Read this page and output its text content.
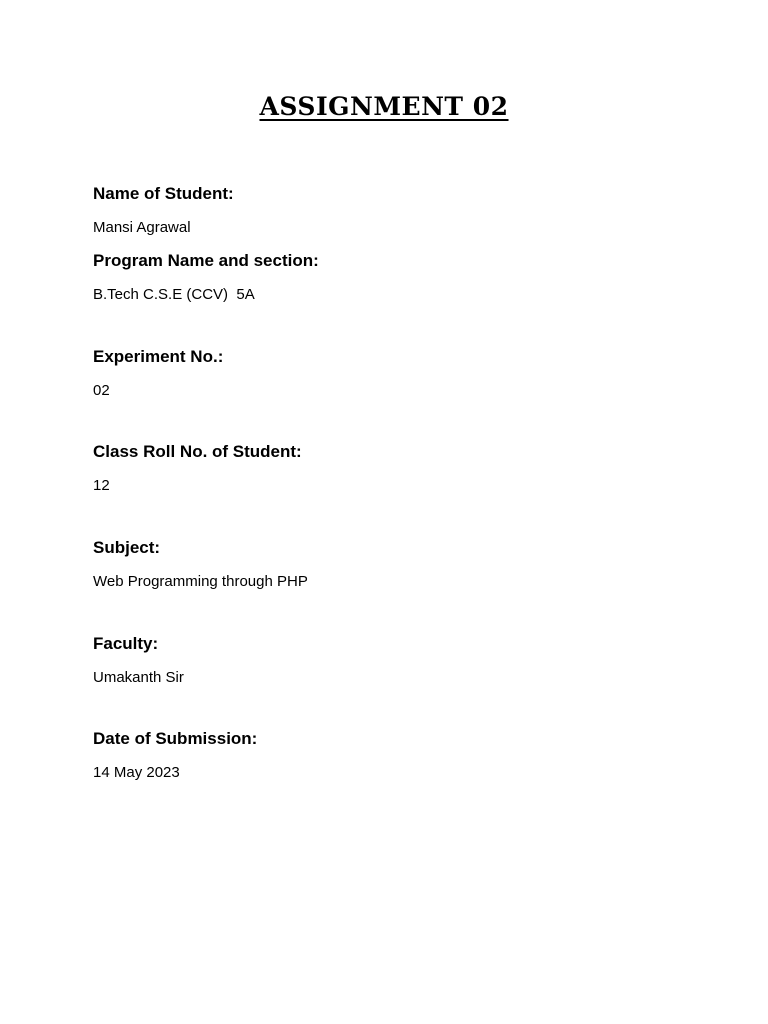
ASSIGNMENT 02
Name of Student:
Mansi Agrawal
Program Name and section:
B.Tech C.S.E (CCV)  5A
Experiment No.:
02
Class Roll No. of Student:
12
Subject:
Web Programming through PHP
Faculty:
Umakanth Sir
Date of Submission:
14 May 2023
